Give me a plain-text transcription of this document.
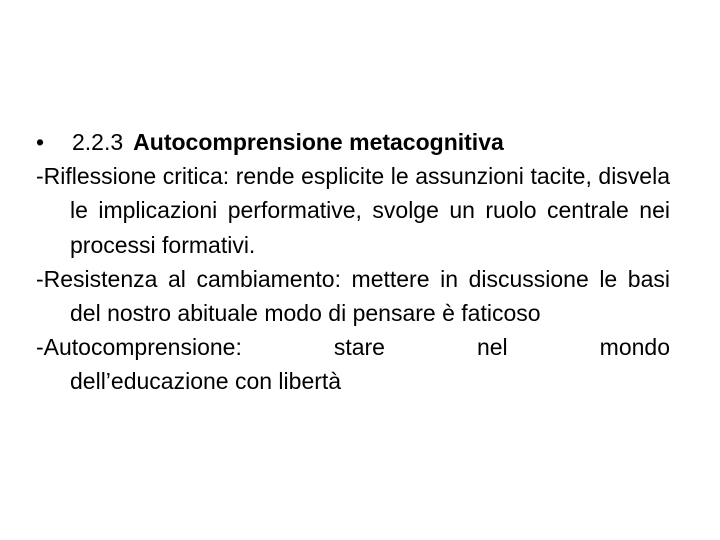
•	2.2.3 Autocomprensione metacognitiva
-Riflessione critica: rende esplicite le assunzioni tacite, disvela le implicazioni performative, svolge un ruolo centrale nei processi formativi.
-Resistenza al cambiamento: mettere in discussione le basi del nostro abituale modo di pensare è faticoso
-Autocomprensione: stare nel mondo
dell’educazione con libertà
